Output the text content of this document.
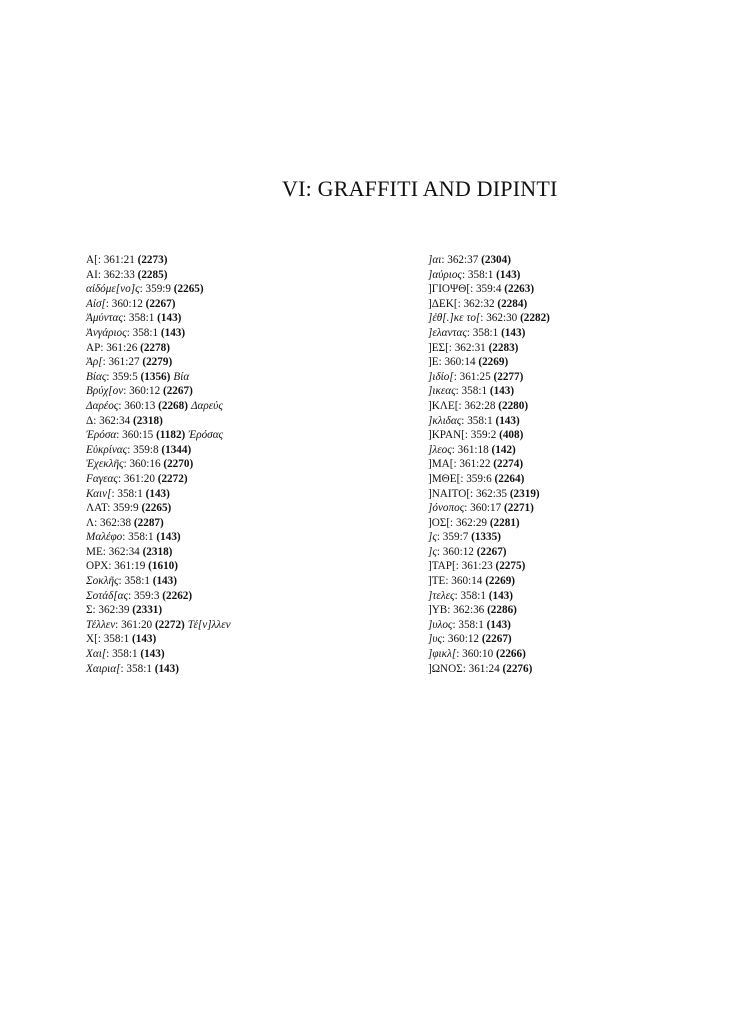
VI: GRAFFITI AND DIPINTI
Α[: 361:21 (2273)
ΑΙ: 362:33 (2285)
αἰδόμε[νο]ς: 359:9 (2265)
Αἰσ[: 360:12 (2267)
Ἀμύντας: 358:1 (143)
Ἀνγάριος: 358:1 (143)
ΑΡ: 361:26 (2278)
Ἀρ[: 361:27 (2279)
Βίας: 359:5 (1356) Βία
Βρύχ[ον: 360:12 (2267)
Δαρέος: 360:13 (2268) Δαρεύς
Δ: 362:34 (2318)
Ἐρόσα: 360:15 (1182) Ἐρόσας
Εὐκρίνας: 359:8 (1344)
Ἐχεκλῆς: 360:16 (2270)
Fαγεας: 361:20 (2272)
Καιν[: 358:1 (143)
ΛΑΤ: 359:9 (2265)
Λ: 362:38 (2287)
Μαλέφο: 358:1 (143)
ΜΕ: 362:34 (2318)
ΟΡΧ: 361:19 (1610)
Σοκλῆς: 358:1 (143)
Σοτάδ[ας: 359:3 (2262)
Σ: 362:39 (2331)
Τέλλεν: 361:20 (2272) Τέ[ν]λλεν
Χ[: 358:1 (143)
Χαι[: 358:1 (143)
Χαιρια[: 358:1 (143)
]αι: 362:37 (2304)
]αὐριος: 358:1 (143)
]ΓΙΟΨΘ[: 359:4 (2263)
]ΔΕΚ[: 362:32 (2284)
]ἐθ[.]κε το[: 362:30 (2282)
]ελαντας: 358:1 (143)
]ΕΣ[: 362:31 (2283)
]Ε: 360:14 (2269)
]ιδίο[: 361:25 (2277)
]ικεας: 358:1 (143)
]ΚΛΕ[: 362:28 (2280)
]κλιδας: 358:1 (143)
]ΚΡΑΝ[: 359:2 (408)
]λεος: 361:18 (142)
]ΜΑ[: 361:22 (2274)
]ΜΘΕ[: 359:6 (2264)
]ΝΑΙΤΟ[: 362:35 (2319)
]όνοπος: 360:17 (2271)
]ΟΣ[: 362:29 (2281)
]ς: 359:7 (1335)
]ς: 360:12 (2267)
]ΤΑΡ[: 361:23 (2275)
]ΤΕ: 360:14 (2269)
]τελες: 358:1 (143)
]ΥΒ: 362:36 (2286)
]υλος: 358:1 (143)
]υς: 360:12 (2267)
]φικλ[: 360:10 (2266)
]ΩΝΟΣ: 361:24 (2276)
